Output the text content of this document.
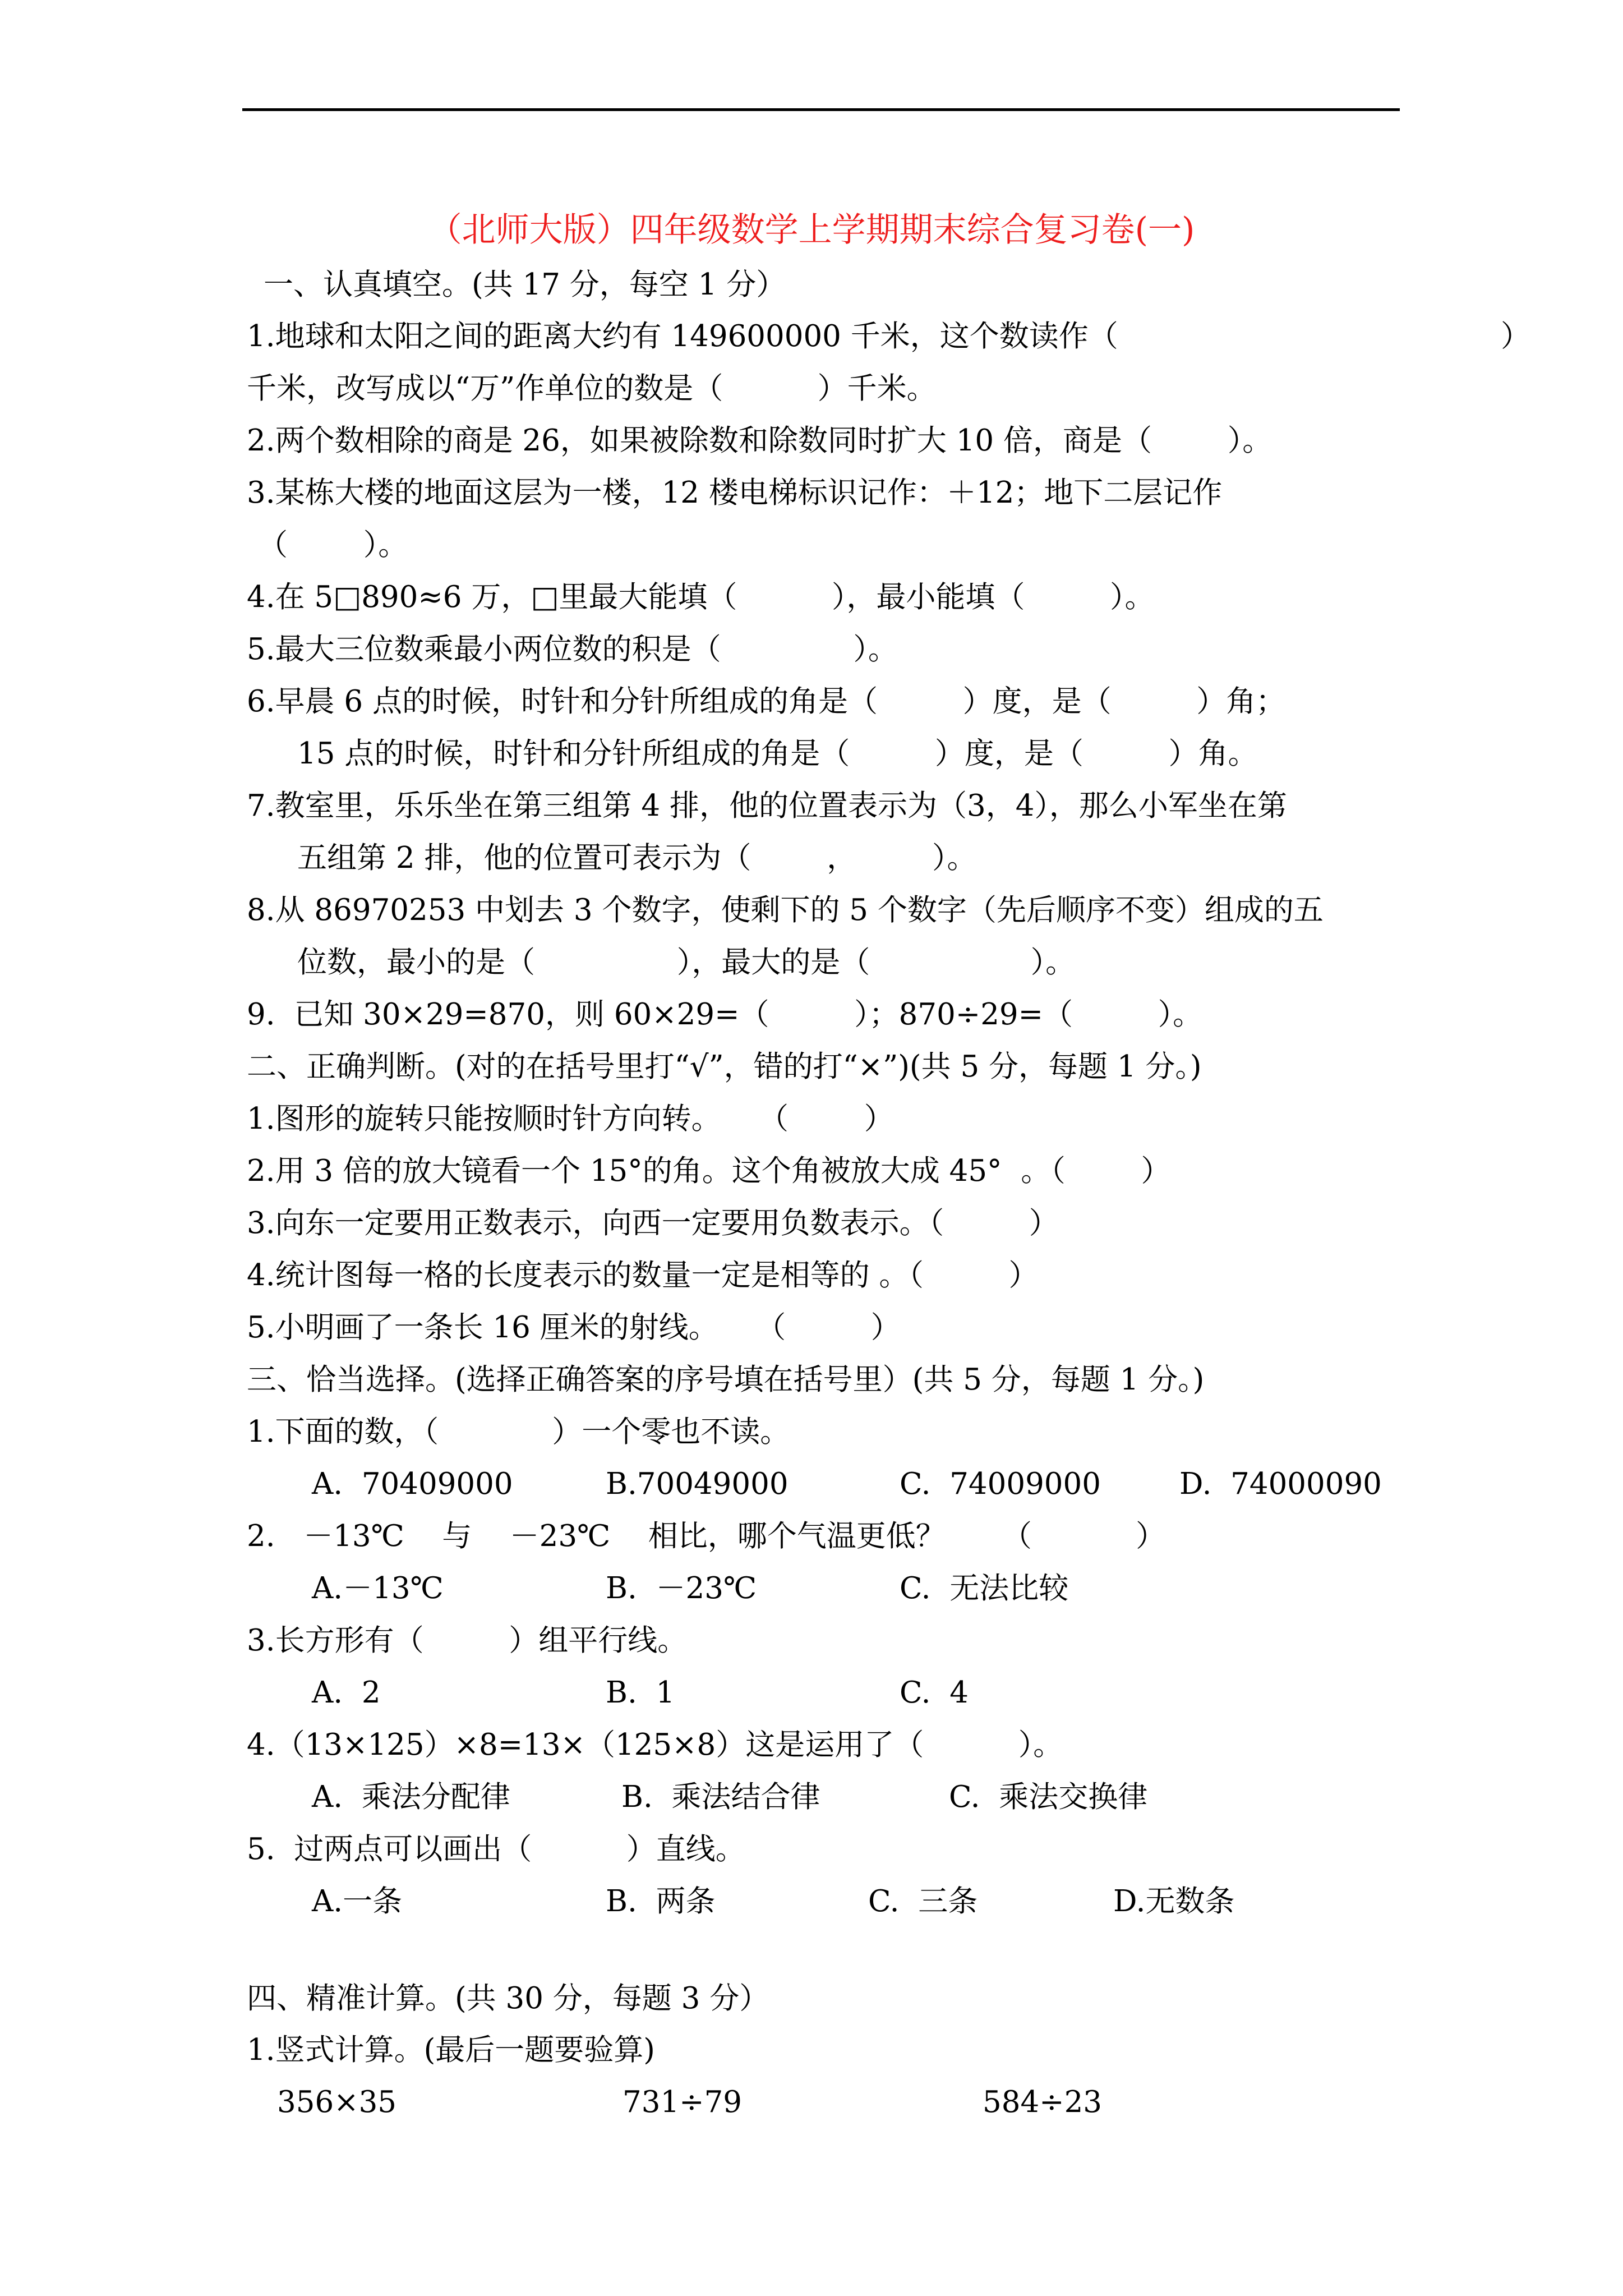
（北师大版）四年级数学上学期期末综合复习卷(一)
一、认真填空。(共 17 分，每空 1 分）
1.地球和太阳之间的距离大约有 149600000 千米，这个数读作（	）
千米，改写成以“万”作单位的数是（          ）千米。
2.两个数相除的商是 26，如果被除数和除数同时扩大 10 倍，商是（        ）。
3.某栋大楼的地面这层为一楼，12 楼电梯标识记作：＋12；地下二层记作
（        ）。
4.在 5□890≈6 万，□里最大能填（          ），最小能填（         ）。
5.最大三位数乘最小两位数的积是（              ）。
6.早晨 6 点的时候，时针和分针所组成的角是（         ）度，是（         ）角；
15 点的时候，时针和分针所组成的角是（         ）度，是（         ）角。
7.教室里，乐乐坐在第三组第 4 排，他的位置表示为（3，4），那么小军坐在第
五组第 2 排，他的位置可表示为（        ，        ）。
8.从 86970253 中划去 3 个数字，使剩下的 5 个数字（先后顺序不变）组成的五
位数，最小的是（               ），最大的是（                 ）。
9.  已知 30×29=870，则 60×29=（         ）；870÷29=（         ）。
二、正确判断。(对的在括号里打“√”，错的打“×”)(共 5 分，每题 1 分。)
1.图形的旋转只能按顺时针方向转。    （        ）
2.用 3 倍的放大镜看一个 15°的角。这个角被放大成 45°  。（        ）
3.向东一定要用正数表示，向西一定要用负数表示。（         ）
4.统计图每一格的长度表示的数量一定是相等的 。（         ）
5.小明画了一条长 16 厘米的射线。    （         ）
三、恰当选择。(选择正确答案的序号填在括号里）(共 5 分，每题 1 分。)
1.下面的数，（            ）一个零也不读。
A.  70409000	B.70049000	C.  74009000	D.  74000090
2.   －13℃    与    －23℃    相比，哪个气温更低？      （           ）
A.－13℃	B.  －23℃	C.  无法比较
3.长方形有（         ）组平行线。
A.  2	B.  1	C.  4
4.（13×125）×8=13×（125×8）这是运用了（          ）。
A.  乘法分配律	B.  乘法结合律	C.  乘法交换律
5.  过两点可以画出（          ）直线。
A.一条	B.  两条	C.  三条	D.无数条
四、精准计算。(共 30 分，每题 3 分）
1.竖式计算。(最后一题要验算)
356×35	731÷79	584÷23
